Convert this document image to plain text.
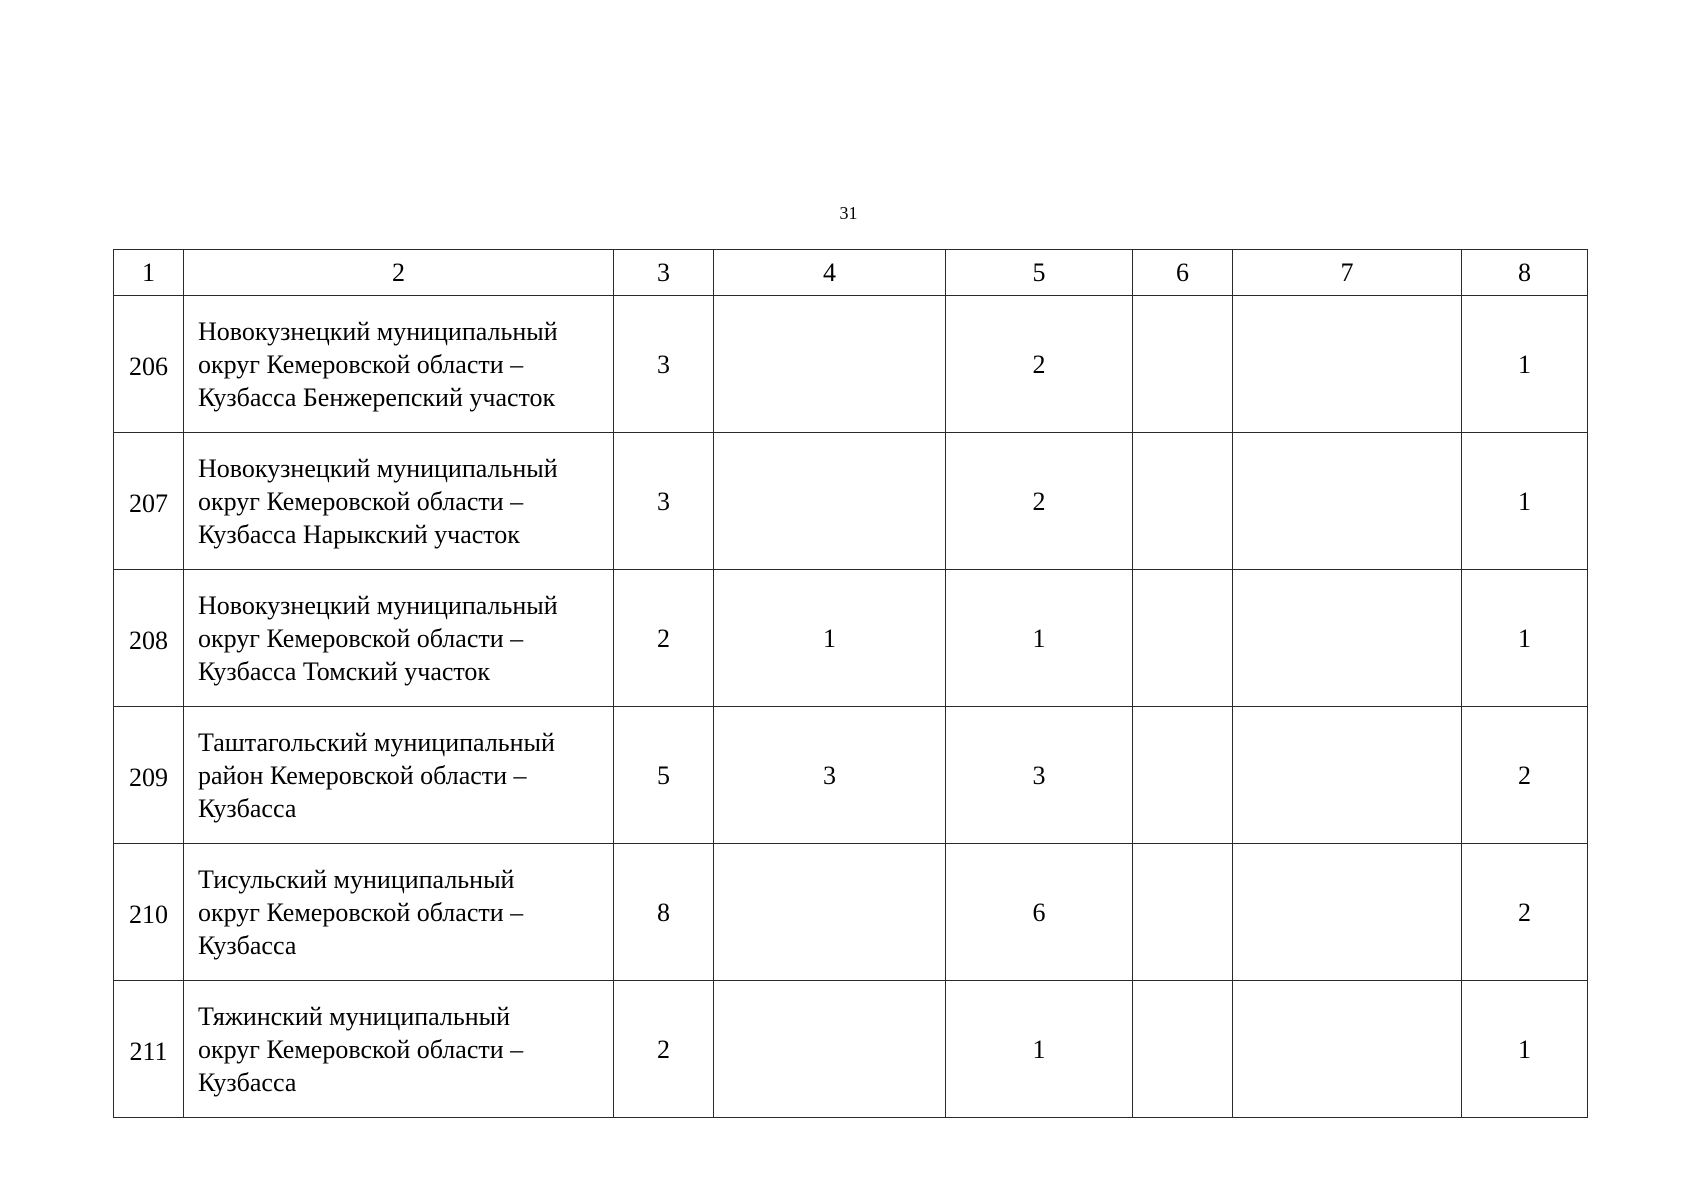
31
1	2	3	4	5	6	7	8
206	Новокузнецкий муниципальный
округ Кемеровской области –
Кузбасса Бенжерепский участок	3		2			1
207	Новокузнецкий муниципальный
округ Кемеровской области –
Кузбасса Нарыкский участок	3		2			1
208	Новокузнецкий муниципальный
округ Кемеровской области –
Кузбасса Томский участок	2	1	1			1
209	Таштагольский муниципальный
район Кемеровской области –
Кузбасса	5	3	3			2
210	Тисульский муниципальный
округ Кемеровской области –
Кузбасса	8		6			2
211	Тяжинский муниципальный
округ Кемеровской области –
Кузбасса	2		1			1
